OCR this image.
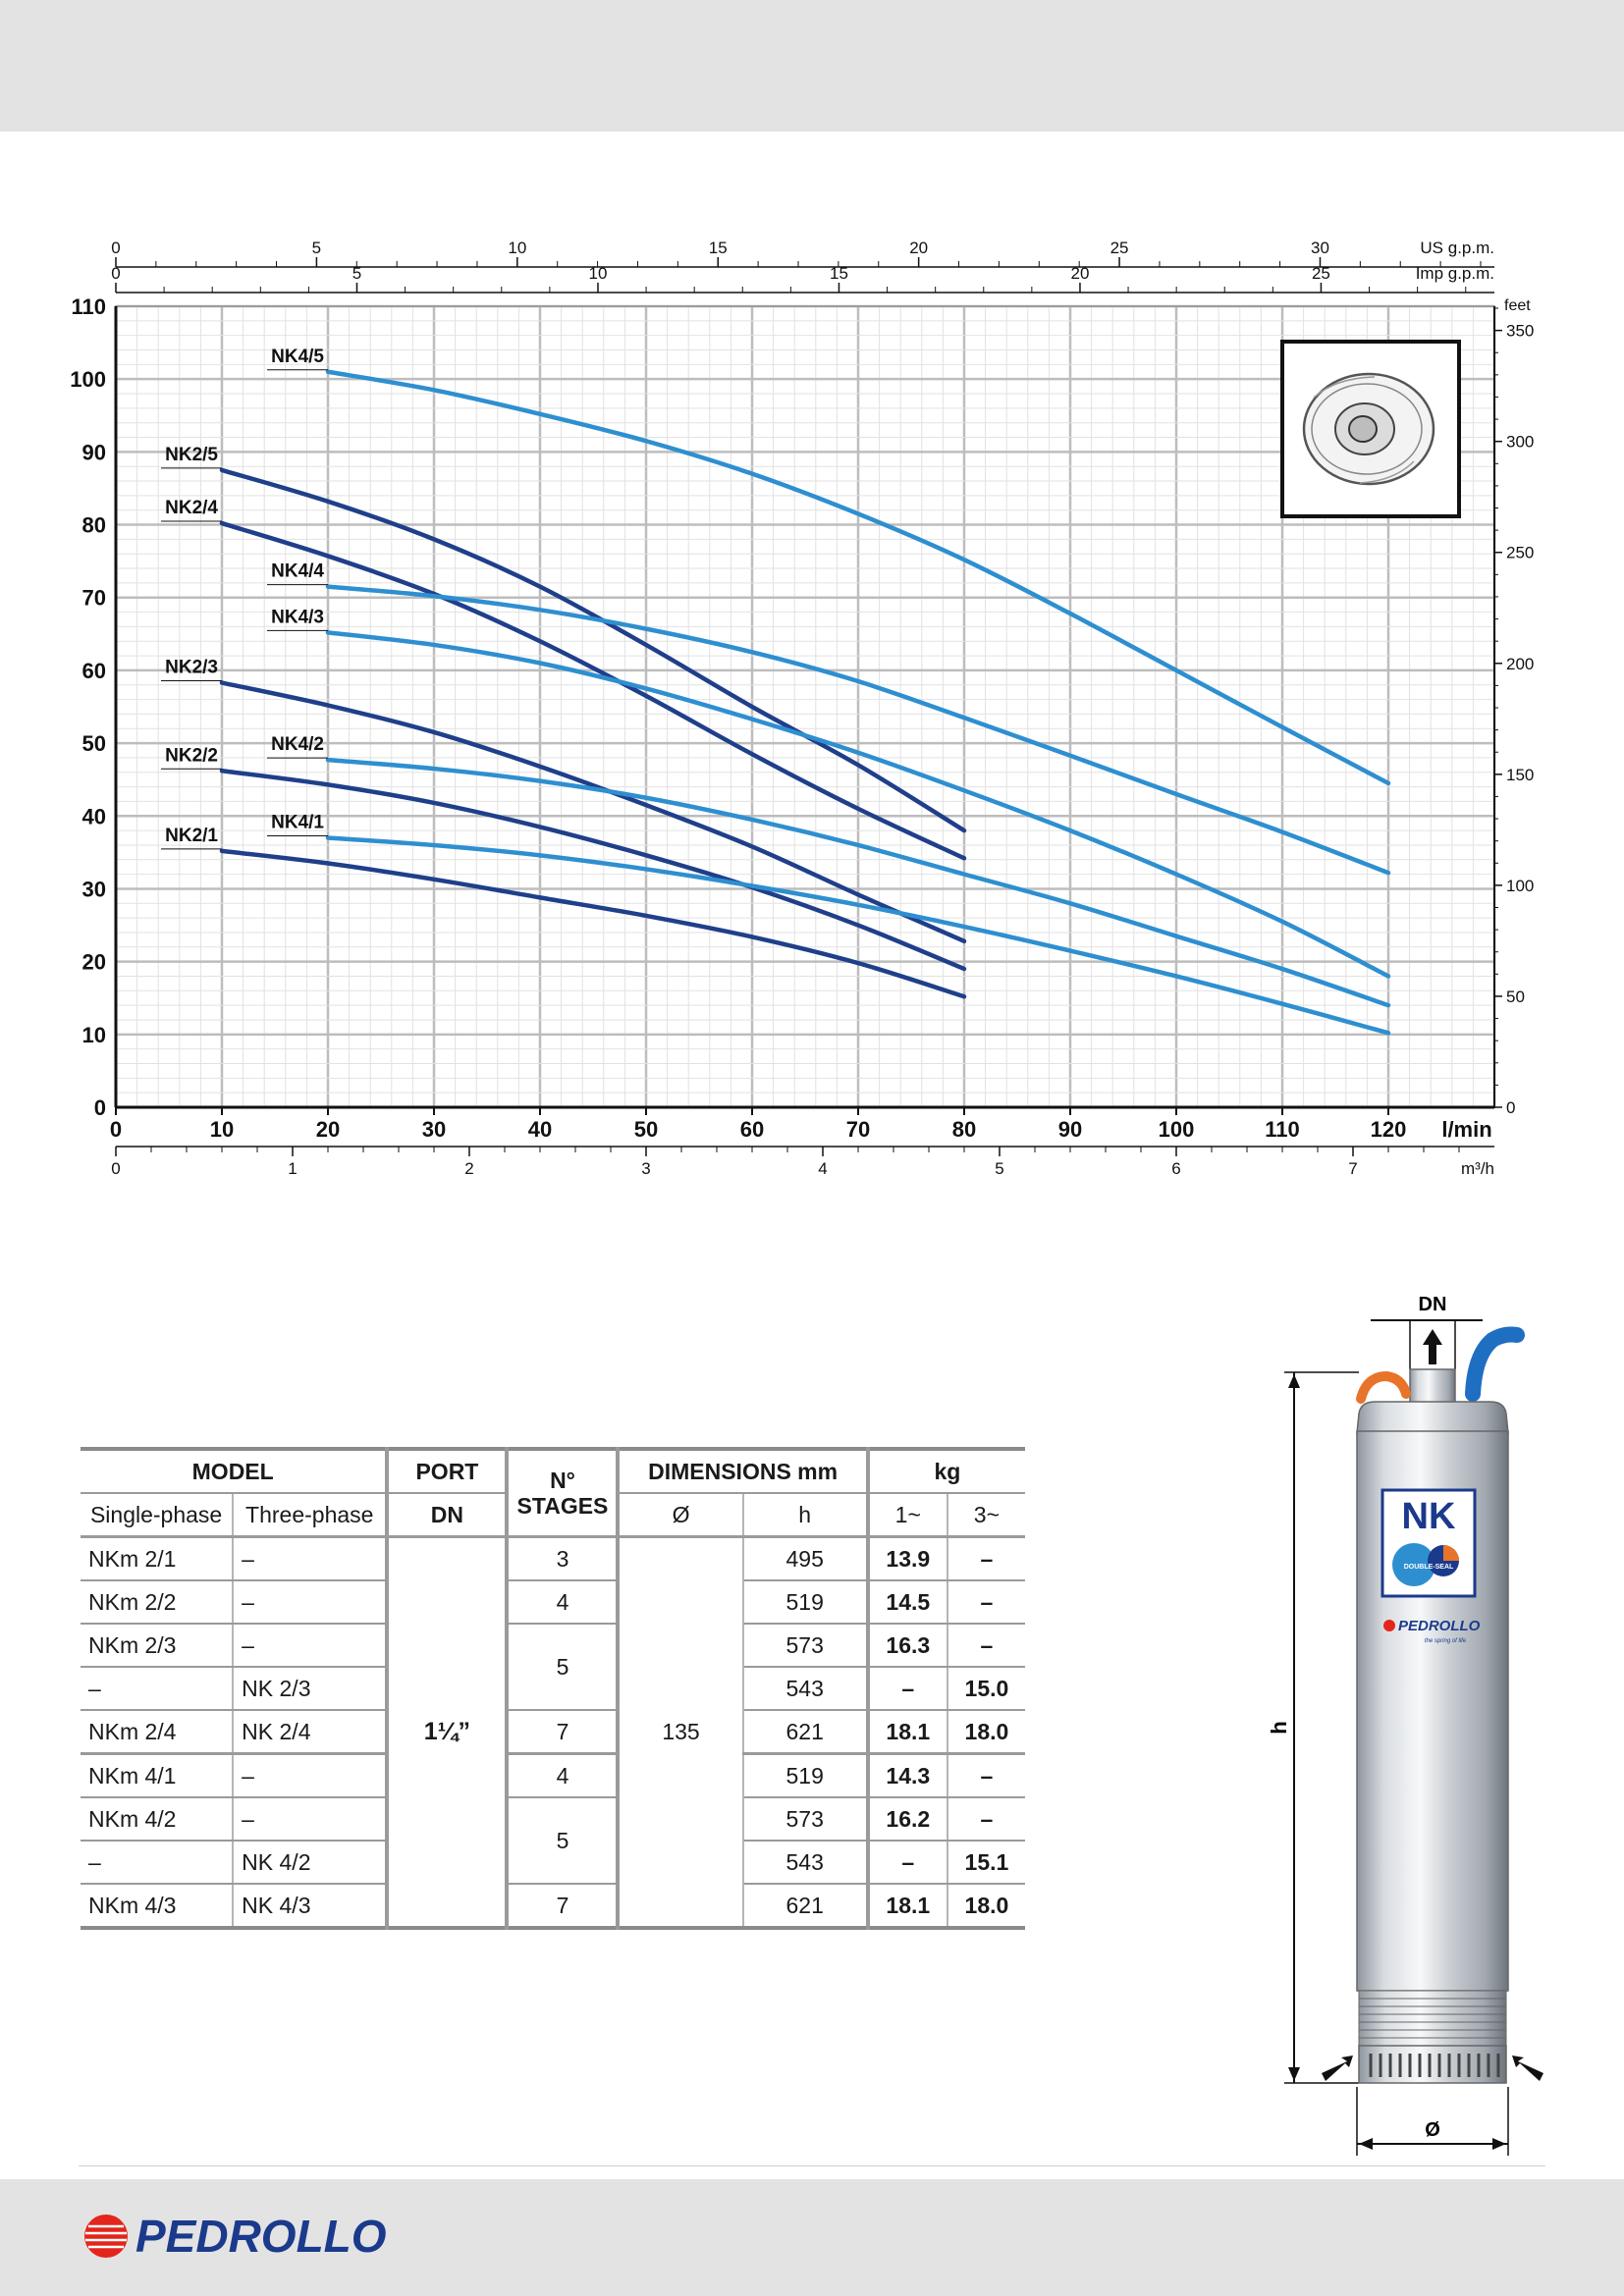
0	10	20	30	40	50	60	70	80	90	100	110	120 l/min
0
10
20
30
40
50
60
70
80
90
100
110	feet
0
50
100
150
200
250
300
350
0	5	10	15	20	25	30	US g.p.m.
0	5	10	15	20	25	Imp g.p.m.
0	1	2	3	4	5	6	7	m³/h
NK2/5
NK2/4
NK2/3
NK2/2
NK2/1
NK4/5
NK4/4
NK4/3
NK4/2
NK4/1
MODEL		PORT	N° STAGES	DIMENSIONS mm		kg	
Single-phase	Three-phase	DN		Ø	h	1~	3~
NKm 2/1	–	1¼”	3	135	495	13.9	–
NKm 2/2	–		4		519	14.5	–
NKm 2/3	–		5		573	16.3	–
–	NK 2/3				543	–	15.0
NKm 2/4	NK 2/4		7		621	18.1	18.0
NKm 4/1	–		4		519	14.3	–
NKm 4/2	–		5		573	16.2	–
–	NK 4/2				543	–	15.1
NKm 4/3	NK 4/3		7		621	18.1	18.0
DN
h
NK
DOUBLE-SEAL
PEDROLLO
the spring of life
Ø
PEDROLLO
